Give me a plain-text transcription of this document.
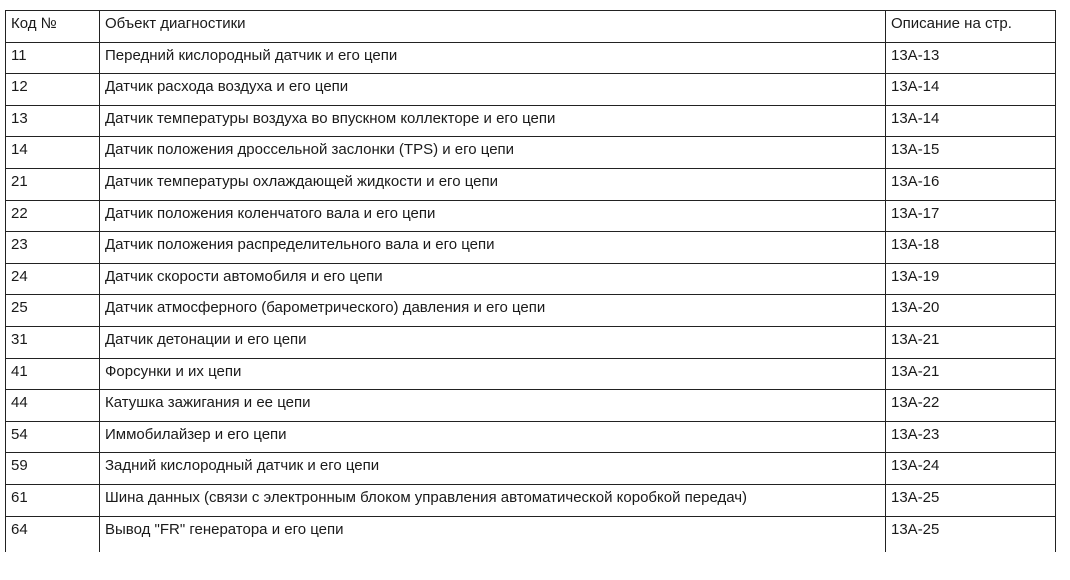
Код №	Объект диагностики	Описание на стр.
11	Передний кислородный датчик и его цепи	13А-13
12	Датчик расхода воздуха и его цепи	13А-14
13	Датчик температуры воздуха во впускном коллекторе и его цепи	13А-14
14	Датчик положения дроссельной заслонки (TPS) и его цепи	13А-15
21	Датчик температуры охлаждающей жидкости и его цепи	13А-16
22	Датчик положения коленчатого вала и его цепи	13А-17
23	Датчик положения распределительного вала и его цепи	13А-18
24	Датчик скорости автомобиля и его цепи	13А-19
25	Датчик атмосферного (барометрического) давления и его цепи	13А-20
31	Датчик детонации и его цепи	13А-21
41	Форсунки и их цепи	13А-21
44	Катушка зажигания и ее цепи	13А-22
54	Иммобилайзер и его цепи	13А-23
59	Задний кислородный датчик и его цепи	13А-24
61	Шина данных (связи с электронным блоком управления автоматической коробкой передач)	13А-25
64	Вывод "FR" генератора и его цепи	13А-25
